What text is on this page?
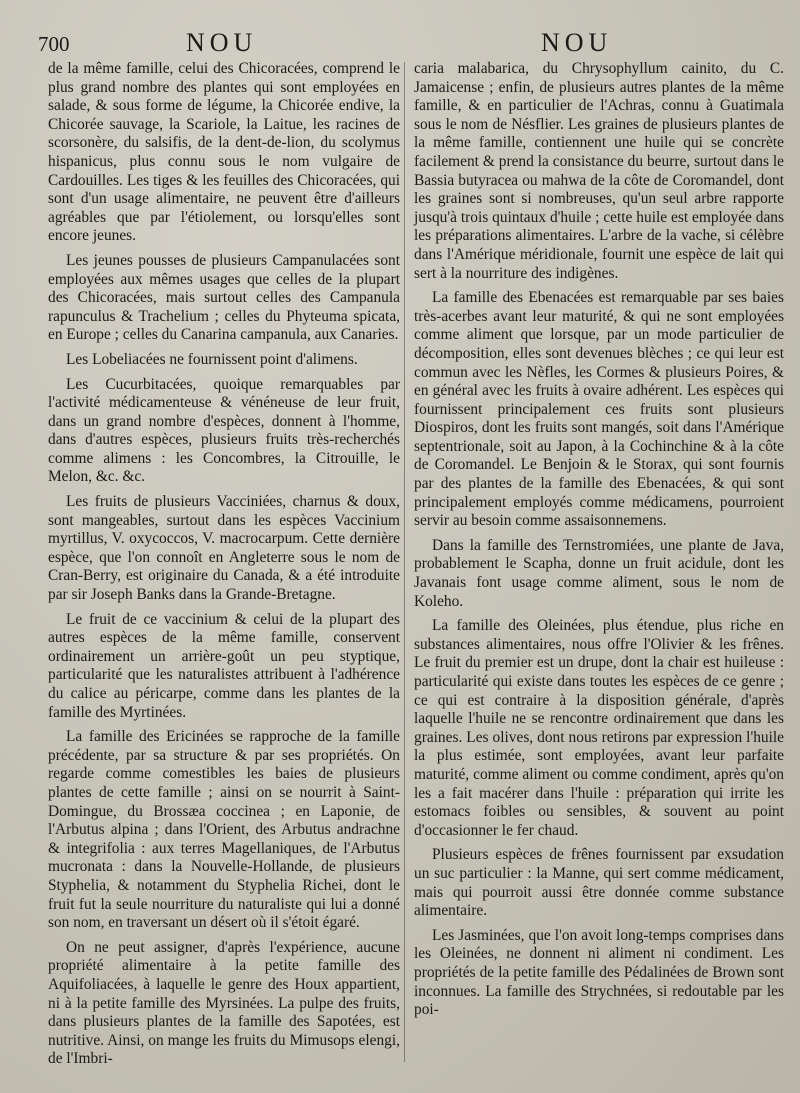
700	NOU	NOU

de la même famille, celui des Chicoracées, comprend le plus grand nombre des plantes qui sont employées en salade, & sous forme de légume, la Chicorée endive, la Chicorée sauvage, la Scariole, la Laitue, les racines de scorsonère, du salsifis, de la dent-de-lion, du scolymus hispanicus, plus connu sous le nom vulgaire de Cardouilles. Les tiges & les feuilles des Chicoracées, qui sont d'un usage alimentaire, ne peuvent être d'ailleurs agréables que par l'étiolement, ou lorsqu'elles sont encore jeunes.

Les jeunes pousses de plusieurs Campanulacées sont employées aux mêmes usages que celles de la plupart des Chicoracées, mais surtout celles des Campanula rapunculus & Trachelium ; celles du Phyteuma spicata, en Europe ; celles du Canarina campanula, aux Canaries.

Les Lobeliacées ne fournissent point d'alimens.

Les Cucurbitacées, quoique remarquables par l'activité médicamenteuse & vénéneuse de leur fruit, dans un grand nombre d'espèces, donnent à l'homme, dans d'autres espèces, plusieurs fruits très-recherchés comme alimens : les Concombres, la Citrouille, le Melon, &c. &c.

Les fruits de plusieurs Vacciniées, charnus & doux, sont mangeables, surtout dans les espèces Vaccinium myrtillus, V. oxycoccos, V. macrocarpum. Cette dernière espèce, que l'on connoît en Angleterre sous le nom de Cran-Berry, est originaire du Canada, & a été introduite par sir Joseph Banks dans la Grande-Bretagne.

Le fruit de ce vaccinium & celui de la plupart des autres espèces de la même famille, conservent ordinairement un arrière-goût un peu styptique, particularité que les naturalistes attribuent à l'adhérence du calice au péricarpe, comme dans les plantes de la famille des Myrtinées.

La famille des Ericinées se rapproche de la famille précédente, par sa structure & par ses propriétés. On regarde comme comestibles les baies de plusieurs plantes de cette famille ; ainsi on se nourrit à Saint-Domingue, du Brossæa coccinea ; en Laponie, de l'Arbutus alpina ; dans l'Orient, des Arbutus andrachne & integrifolia : aux terres Magellaniques, de l'Arbutus mucronata : dans la Nouvelle-Hollande, de plusieurs Styphelia, & notamment du Styphelia Richei, dont le fruit fut la seule nourriture du naturaliste qui lui a donné son nom, en traversant un désert où il s'étoit égaré.

On ne peut assigner, d'après l'expérience, aucune propriété alimentaire à la petite famille des Aquifoliacées, à laquelle le genre des Houx appartient, ni à la petite famille des Myrsinées. La pulpe des fruits, dans plusieurs plantes de la famille des Sapotées, est nutritive. Ainsi, on mange les fruits du Mimusops elengi, de l'Imbri-

caria malabarica, du Chrysophyllum cainito, du C. Jamaicense ; enfin, de plusieurs autres plantes de la même famille, & en particulier de l'Achras, connu à Guatimala sous le nom de Nésflier. Les graines de plusieurs plantes de la même famille, contiennent une huile qui se concrète facilement & prend la consistance du beurre, surtout dans le Bassia butyracea ou mahwa de la côte de Coromandel, dont les graines sont si nombreuses, qu'un seul arbre rapporte jusqu'à trois quintaux d'huile ; cette huile est employée dans les préparations alimentaires. L'arbre de la vache, si célèbre dans l'Amérique méridionale, fournit une espèce de lait qui sert à la nourriture des indigènes.

La famille des Ebenacées est remarquable par ses baies très-acerbes avant leur maturité, & qui ne sont employées comme aliment que lorsque, par un mode particulier de décomposition, elles sont devenues blèches ; ce qui leur est commun avec les Nèfles, les Cormes & plusieurs Poires, & en général avec les fruits à ovaire adhérent. Les espèces qui fournissent principalement ces fruits sont plusieurs Diospiros, dont les fruits sont mangés, soit dans l'Amérique septentrionale, soit au Japon, à la Cochinchine & à la côte de Coromandel. Le Benjoin & le Storax, qui sont fournis par des plantes de la famille des Ebenacées, & qui sont principalement employés comme médicamens, pourroient servir au besoin comme assaisonnemens.

Dans la famille des Ternstromiées, une plante de Java, probablement le Scapha, donne un fruit acidule, dont les Javanais font usage comme aliment, sous le nom de Koleho.

La famille des Oleinées, plus étendue, plus riche en substances alimentaires, nous offre l'Olivier & les frênes. Le fruit du premier est un drupe, dont la chair est huileuse : particularité qui existe dans toutes les espèces de ce genre ; ce qui est contraire à la disposition générale, d'après laquelle l'huile ne se rencontre ordinairement que dans les graines. Les olives, dont nous retirons par expression l'huile la plus estimée, sont employées, avant leur parfaite maturité, comme aliment ou comme condiment, après qu'on les a fait macérer dans l'huile : préparation qui irrite les estomacs foibles ou sensibles, & souvent au point d'occasionner le fer chaud.

Plusieurs espèces de frênes fournissent par exsudation un suc particulier : la Manne, qui sert comme médicament, mais qui pourroit aussi être donnée comme substance alimentaire.

Les Jasminées, que l'on avoit long-temps comprises dans les Oleinées, ne donnent ni aliment ni condiment. Les propriétés de la petite famille des Pédalinées de Brown sont inconnues. La famille des Strychnées, si redoutable par les poi-
